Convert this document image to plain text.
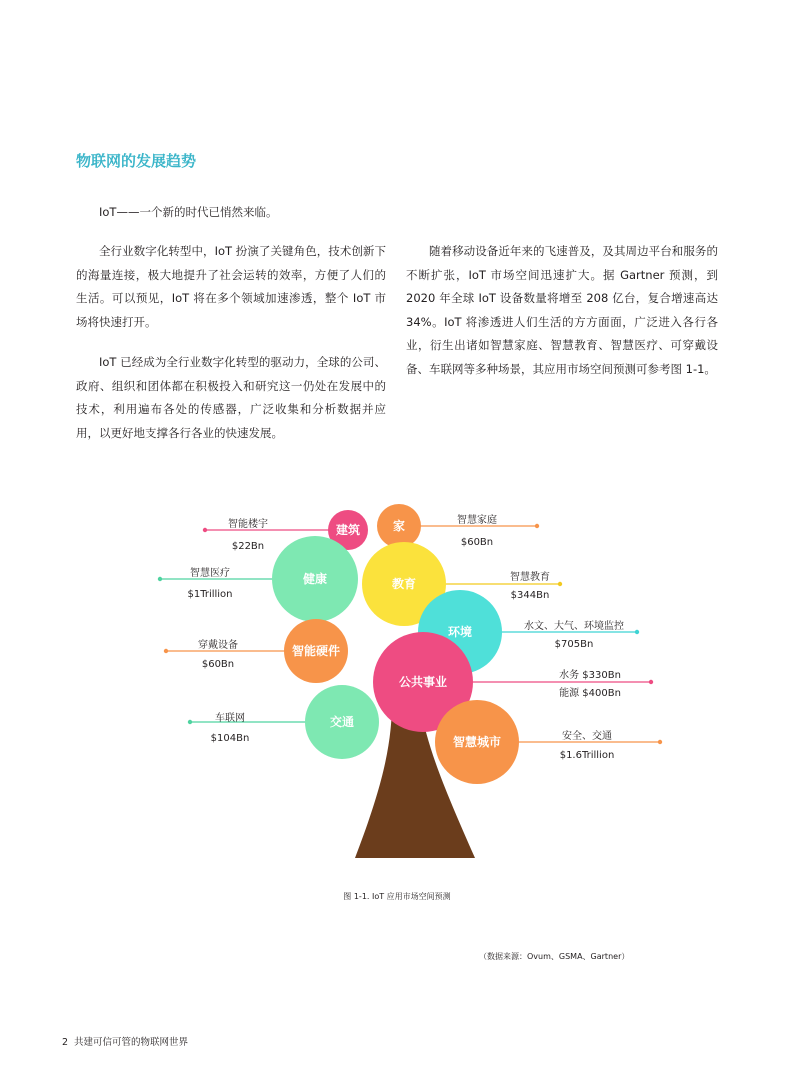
物联网的发展趋势

IoT——一个新的时代已悄然来临。

全行业数字化转型中，IoT 扮演了关键角色，技术创新下的海量连接，极大地提升了社会运转的效率，方便了人们的生活。可以预见，IoT 将在多个领域加速渗透，整个 IoT 市场将快速打开。

IoT 已经成为全行业数字化转型的驱动力，全球的公司、政府、组织和团体都在积极投入和研究这一仍处在发展中的技术，利用遍布各处的传感器，广泛收集和分析数据并应用，以更好地支撑各行各业的快速发展。

随着移动设备近年来的飞速普及，及其周边平台和服务的不断扩张，IoT 市场空间迅速扩大。据 Gartner 预测，到 2020 年全球 IoT 设备数量将增至 208 亿台，复合增速高达 34%。IoT 将渗透进人们生活的方方面面，广泛进入各行各业，衍生出诸如智慧家庭、智慧教育、智慧医疗、可穿戴设备、车联网等多种场景，其应用市场空间预测可参考图 1-1。

建筑	家
健康	教育
环境
智能硬件
公共事业
交通
智慧城市
智能楼宇
$22Bn
智慧家庭
$60Bn
智慧医疗
$1Trillion
智慧教育
$344Bn
水文、大气、环境监控
$705Bn
穿戴设备
$60Bn
水务 $330Bn
能源 $400Bn
车联网
$104Bn	安全、交通
$1.6Trillion
图 1-1. IoT 应用市场空间预测
（数据来源：Ovum、GSMA、Gartner）
2 共建可信可管的物联网世界
